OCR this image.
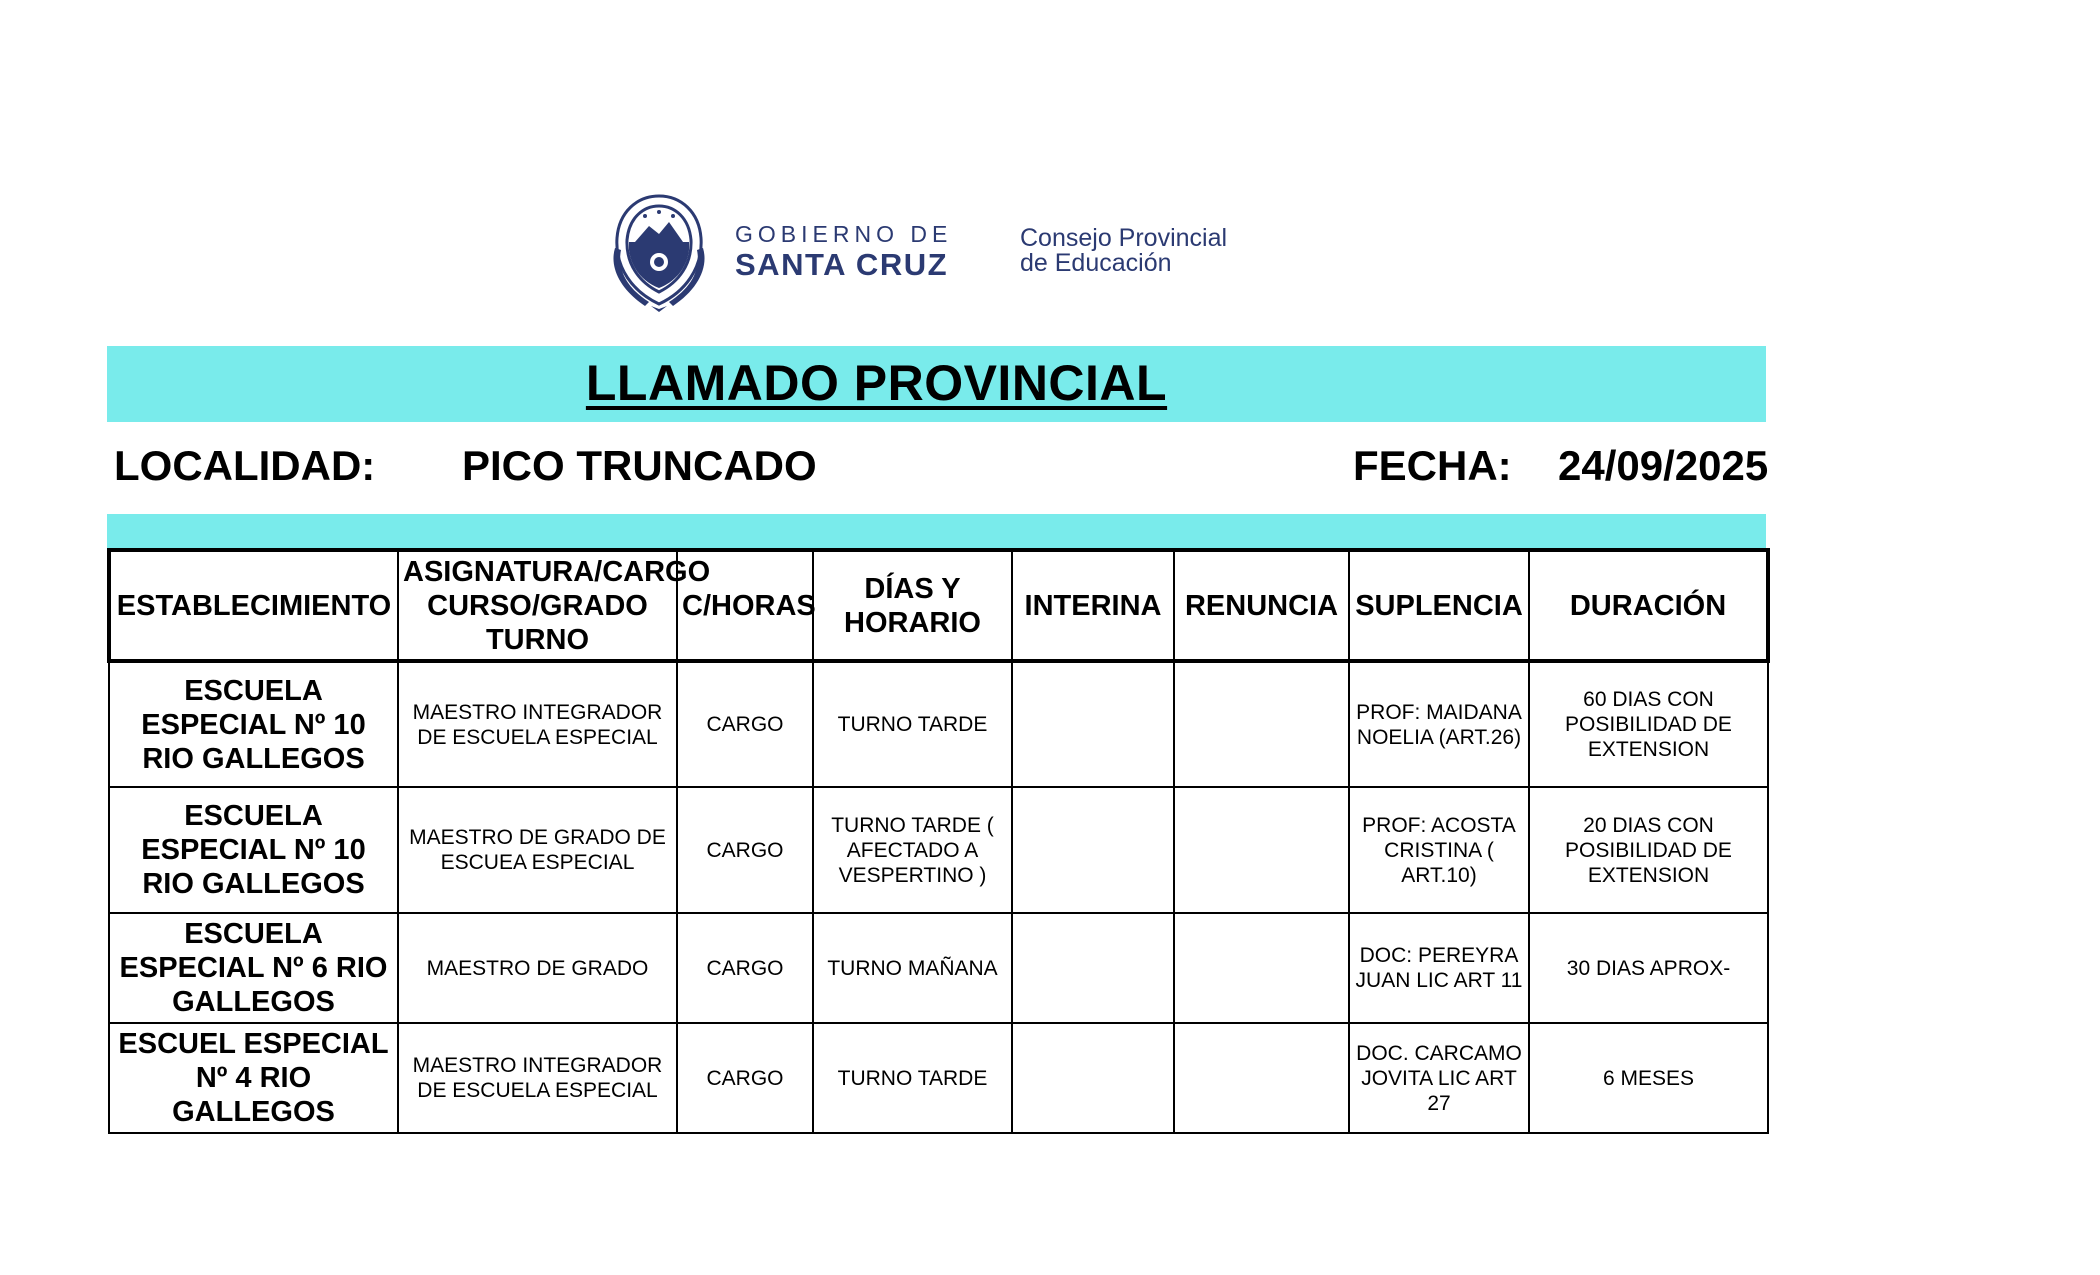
GOBIERNO DE
SANTA CRUZ
Consejo Provincial
de Educación
LLAMADO PROVINCIAL
LOCALIDAD: PICO TRUNCADO	FECHA: 24/09/2025
ESTABLECIMIENTO	ASIGNATURA/CARGO CURSO/GRADO TURNO	C/HORAS	DÍAS Y HORARIO	INTERINA	RENUNCIA	SUPLENCIA	DURACIÓN
ESCUELA ESPECIAL Nº 10 RIO GALLEGOS	MAESTRO INTEGRADOR DE ESCUELA ESPECIAL	CARGO	TURNO TARDE			PROF: MAIDANA NOELIA (ART.26)	60 DIAS CON POSIBILIDAD DE EXTENSION
ESCUELA ESPECIAL Nº 10 RIO GALLEGOS	MAESTRO DE GRADO DE ESCUEA ESPECIAL	CARGO	TURNO TARDE ( AFECTADO A VESPERTINO )			PROF: ACOSTA CRISTINA ( ART.10)	20 DIAS CON POSIBILIDAD DE EXTENSION
ESCUELA ESPECIAL Nº 6 RIO GALLEGOS	MAESTRO DE GRADO	CARGO	TURNO MAÑANA			DOC: PEREYRA JUAN LIC ART 11	30 DIAS APROX-
ESCUEL ESPECIAL Nº 4 RIO GALLEGOS	MAESTRO INTEGRADOR DE ESCUELA ESPECIAL	CARGO	TURNO TARDE			DOC. CARCAMO JOVITA LIC ART 27	6 MESES
